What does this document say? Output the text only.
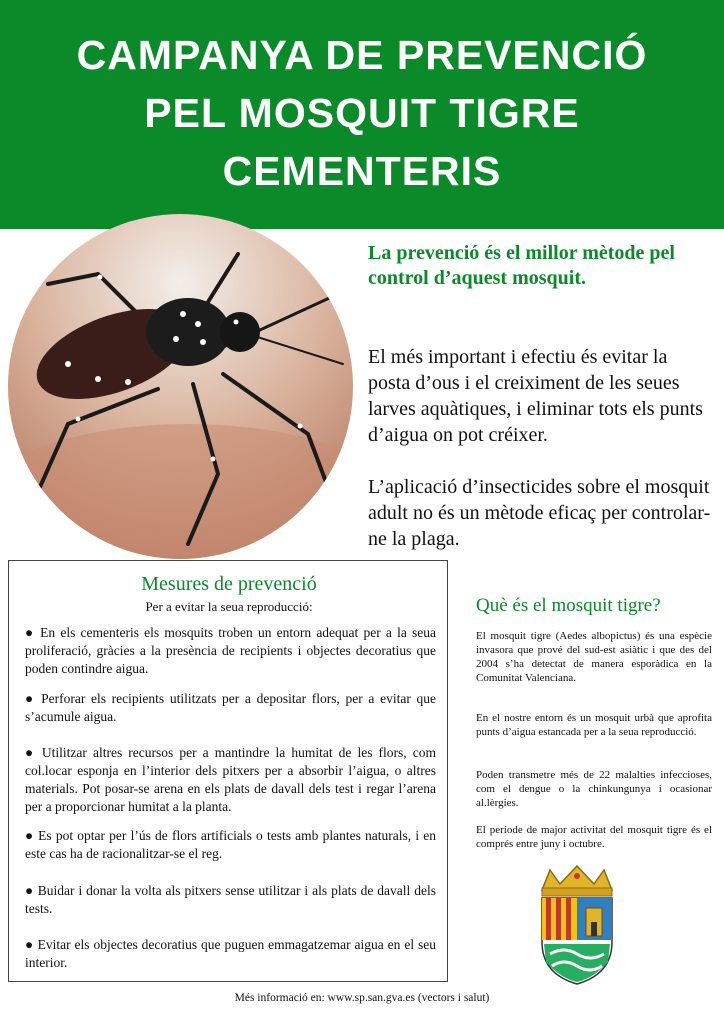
CAMPANYA DE PREVENCIÓ
PEL MOSQUIT TIGRE
CEMENTERIS
La prevenció és el millor mètode pel control d’aquest mosquit.
El més important i efectiu és evitar la posta d’ous i el creiximent de les seues larves aquàtiques, i eliminar tots els punts d’aigua on pot créixer.
L’aplicació d’insecticides sobre el mosquit adult no és un mètode eficaç per controlar-ne la plaga.
Mesures de prevenció
Per a evitar la seua reproducció:
● En els cementeris els mosquits troben un entorn adequat per a la seua proliferació, gràcies a la presència de recipients i objectes decoratius que poden contindre aigua.
● Perforar els recipients utilitzats per a depositar flors, per a evitar que s’acumule aigua.
● Utilitzar altres recursos per a mantindre la humitat de les flors, com col.locar esponja en l’interior dels pitxers per a absorbir l’aigua, o altres materials. Pot posar-se arena en els plats de davall dels test i regar l’arena per a proporcionar humitat a la planta.
● Es pot optar per l’ús de flors artificials o tests amb plantes naturals, i en este cas ha de racionalitzar-se el reg.
● Buidar i donar la volta als pitxers sense utilitzar i als plats de davall dels tests.
● Evitar els objectes decoratius que puguen emmagatzemar aigua en el seu interior.
Què és el mosquit tigre?
El mosquit tigre (Aedes albopictus) és una espècie invasora que prové del sud-est asiàtic i que des del 2004 s’ha detectat de manera esporàdica en la Comunitat Valenciana.
En el nostre entorn és un mosquit urbà que aprofita punts d’aigua estancada per a la seua reproducció.
Poden transmetre més de 22 malalties infeccioses, com el dengue o la chinkungunya i ocasionar al.lèrgies.
El període de major activitat del mosquit tigre és el comprés entre juny i octubre.
Més informació en: www.sp.san.gva.es (vectors i salut)
